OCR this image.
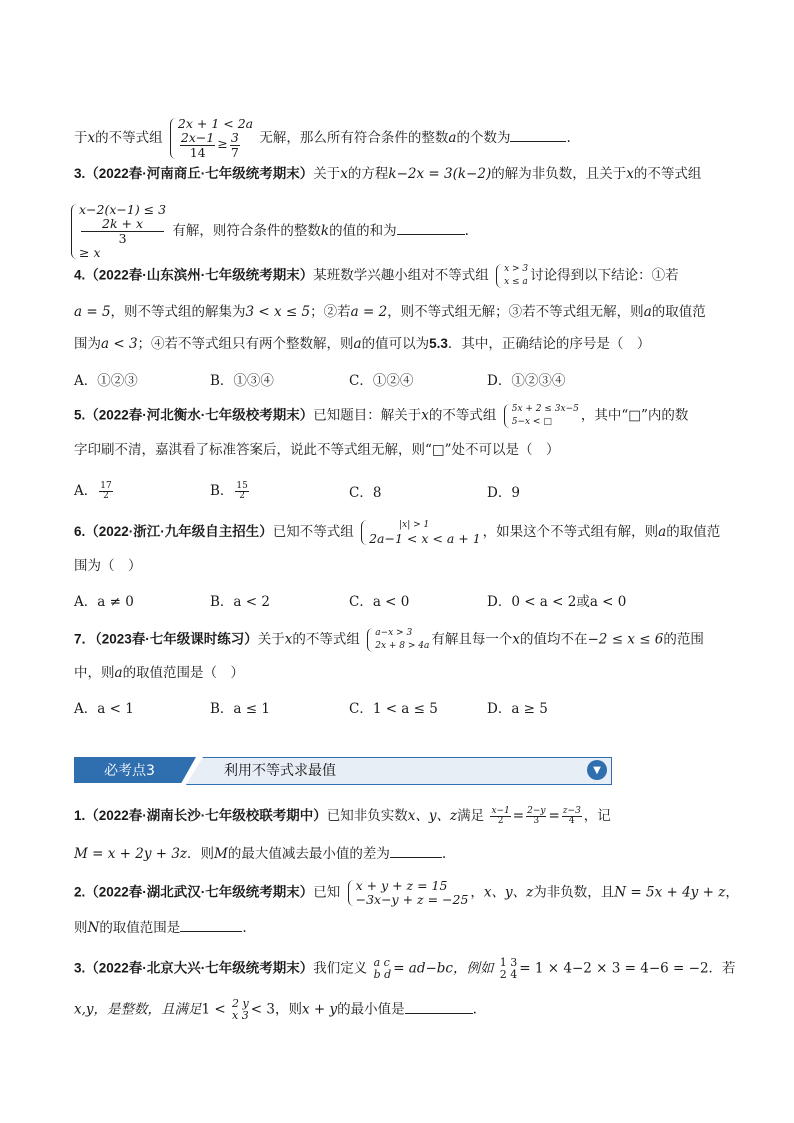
于x的不等式组
2x + 1 < 2a
$\frac{2x-1}{14} \ge \frac{3}{7}$ 无解，那么所有符合条件的整数a的个数为	.
3.（2022春·河南商丘·七年级统考期末）关于x的方程k−2x = 3(k−2)的解为非负数，且关于x的不等式组
x−2(x−1) ≤ 3
2k + x
3
≥ x
有解，则符合条件的整数k的值的和为	.
4.（2022春·山东滨州·七年级统考期末）某班数学兴趣小组对不等式组 x > 3
x ≤ a 讨论得到以下结论：①若
a = 5，则不等式组的解集为3 < x ≤ 5；②若a = 2，则不等式组无解；③若不等式组无解，则a的取值范
围为a < 3；④若不等式组只有两个整数解，则a的值可以为5.3．其中，正确结论的序号是（　）
A．①②③	B．①③④	C．①②④	D．①②③④
5.（2022春·河北衡水·七年级校考期末）已知题目：解关于x的不等式组 5x + 2 ≤ 3x−5
5−x < □	，其中“□”内的数
字印刷不清，嘉淇看了标准答案后，说此不等式组无解，则“□”处不可以是（　）
A． $\frac{17}{2}$	B． $\frac{15}{2}$	C．8	D．9
6.（2022·浙江·九年级自主招生）已知不等式组	|x| > 1
2a−1 < x < a + 1 ，如果这个不等式组有解，则a的取值范
围为（　）
A．a ≠ 0	B．a < 2	C．a < 0	D．0 < a < 2或a < 0
7．（2023春·七年级课时练习）关于x的不等式组 a−x > 3
2x + 8 > 4a 有解且每一个x的值均不在−2 ≤ x ≤ 6的范围
中，则a的取值范围是（　）
A．a < 1	B．a ≤ 1	C．1 < a ≤ 5	D．a ≥ 5
必考点3	利用不等式求最值	▼
1.（2022春·湖南长沙·七年级校联考期中）已知非负实数x、y、z满足 $\frac{x-1}{2} = \frac{2-y}{3} = \frac{z-3}{4}$ ，记
M = x + 2y + 3z．则M的最大值减去最小值的差为	.
2.（2022春·湖北武汉·七年级统考期末）已知 x + y + z = 15
−3x−y + z = −25 ，x、y、z为非负数，且N = 5x + 4y + z，
则N的取值范围是	.
3.（2022春·北京大兴·七年级统考期末）我们定义 a c
b d = ad−bc，例如 1 3
2 4 = 1 × 4−2 × 3 = 4−6 = −2．若
x,y，是整数，且满足1 < 2 y
x 3 < 3，则x + y的最小值是	.
